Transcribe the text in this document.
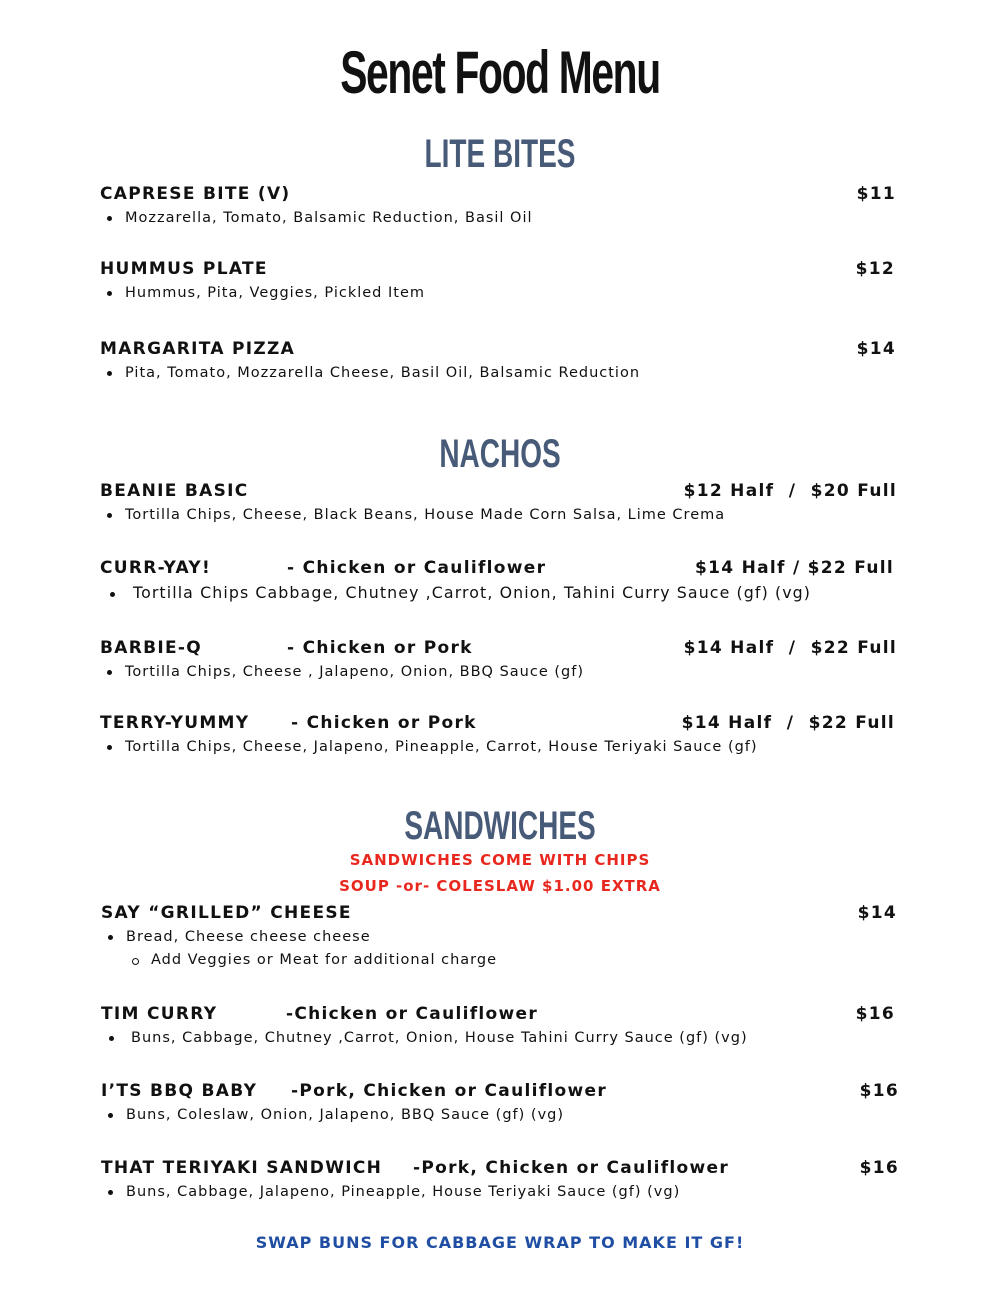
Senet Food Menu
LITE BITES
CAPRESE BITE (V)	$11
Mozzarella, Tomato, Balsamic Reduction, Basil Oil
HUMMUS PLATE	$12
Hummus, Pita, Veggies, Pickled Item
MARGARITA PIZZA	$14
Pita, Tomato, Mozzarella Cheese, Basil Oil, Balsamic Reduction
NACHOS
BEANIE BASIC	$12 Half  /  $20 Full
Tortilla Chips, Cheese, Black Beans, House Made Corn Salsa, Lime Crema
CURR-YAY!	- Chicken or Cauliflower	$14 Half / $22 Full
Tortilla Chips Cabbage, Chutney ,Carrot, Onion, Tahini Curry Sauce (gf) (vg)
BARBIE-Q	- Chicken or Pork	$14 Half  /  $22 Full
Tortilla Chips, Cheese , Jalapeno, Onion, BBQ Sauce (gf)
TERRY-YUMMY - Chicken or Pork	$14 Half  /  $22 Full
Tortilla Chips, Cheese, Jalapeno, Pineapple, Carrot, House Teriyaki Sauce (gf)
SANDWICHES
SANDWICHES COME WITH CHIPS
SOUP -or- COLESLAW $1.00 EXTRA
SAY “GRILLED” CHEESE	$14
Bread, Cheese cheese cheese
Add Veggies or Meat for additional charge
TIM CURRY	-Chicken or Cauliflower	$16
Buns, Cabbage, Chutney ,Carrot, Onion, House Tahini Curry Sauce (gf) (vg)
I’TS BBQ BABY -Pork, Chicken or Cauliflower	$16
Buns, Coleslaw, Onion, Jalapeno, BBQ Sauce (gf) (vg)
THAT TERIYAKI SANDWICH -Pork, Chicken or Cauliflower	$16
Buns, Cabbage, Jalapeno, Pineapple, House Teriyaki Sauce (gf) (vg)
SWAP BUNS FOR CABBAGE WRAP TO MAKE IT GF!
